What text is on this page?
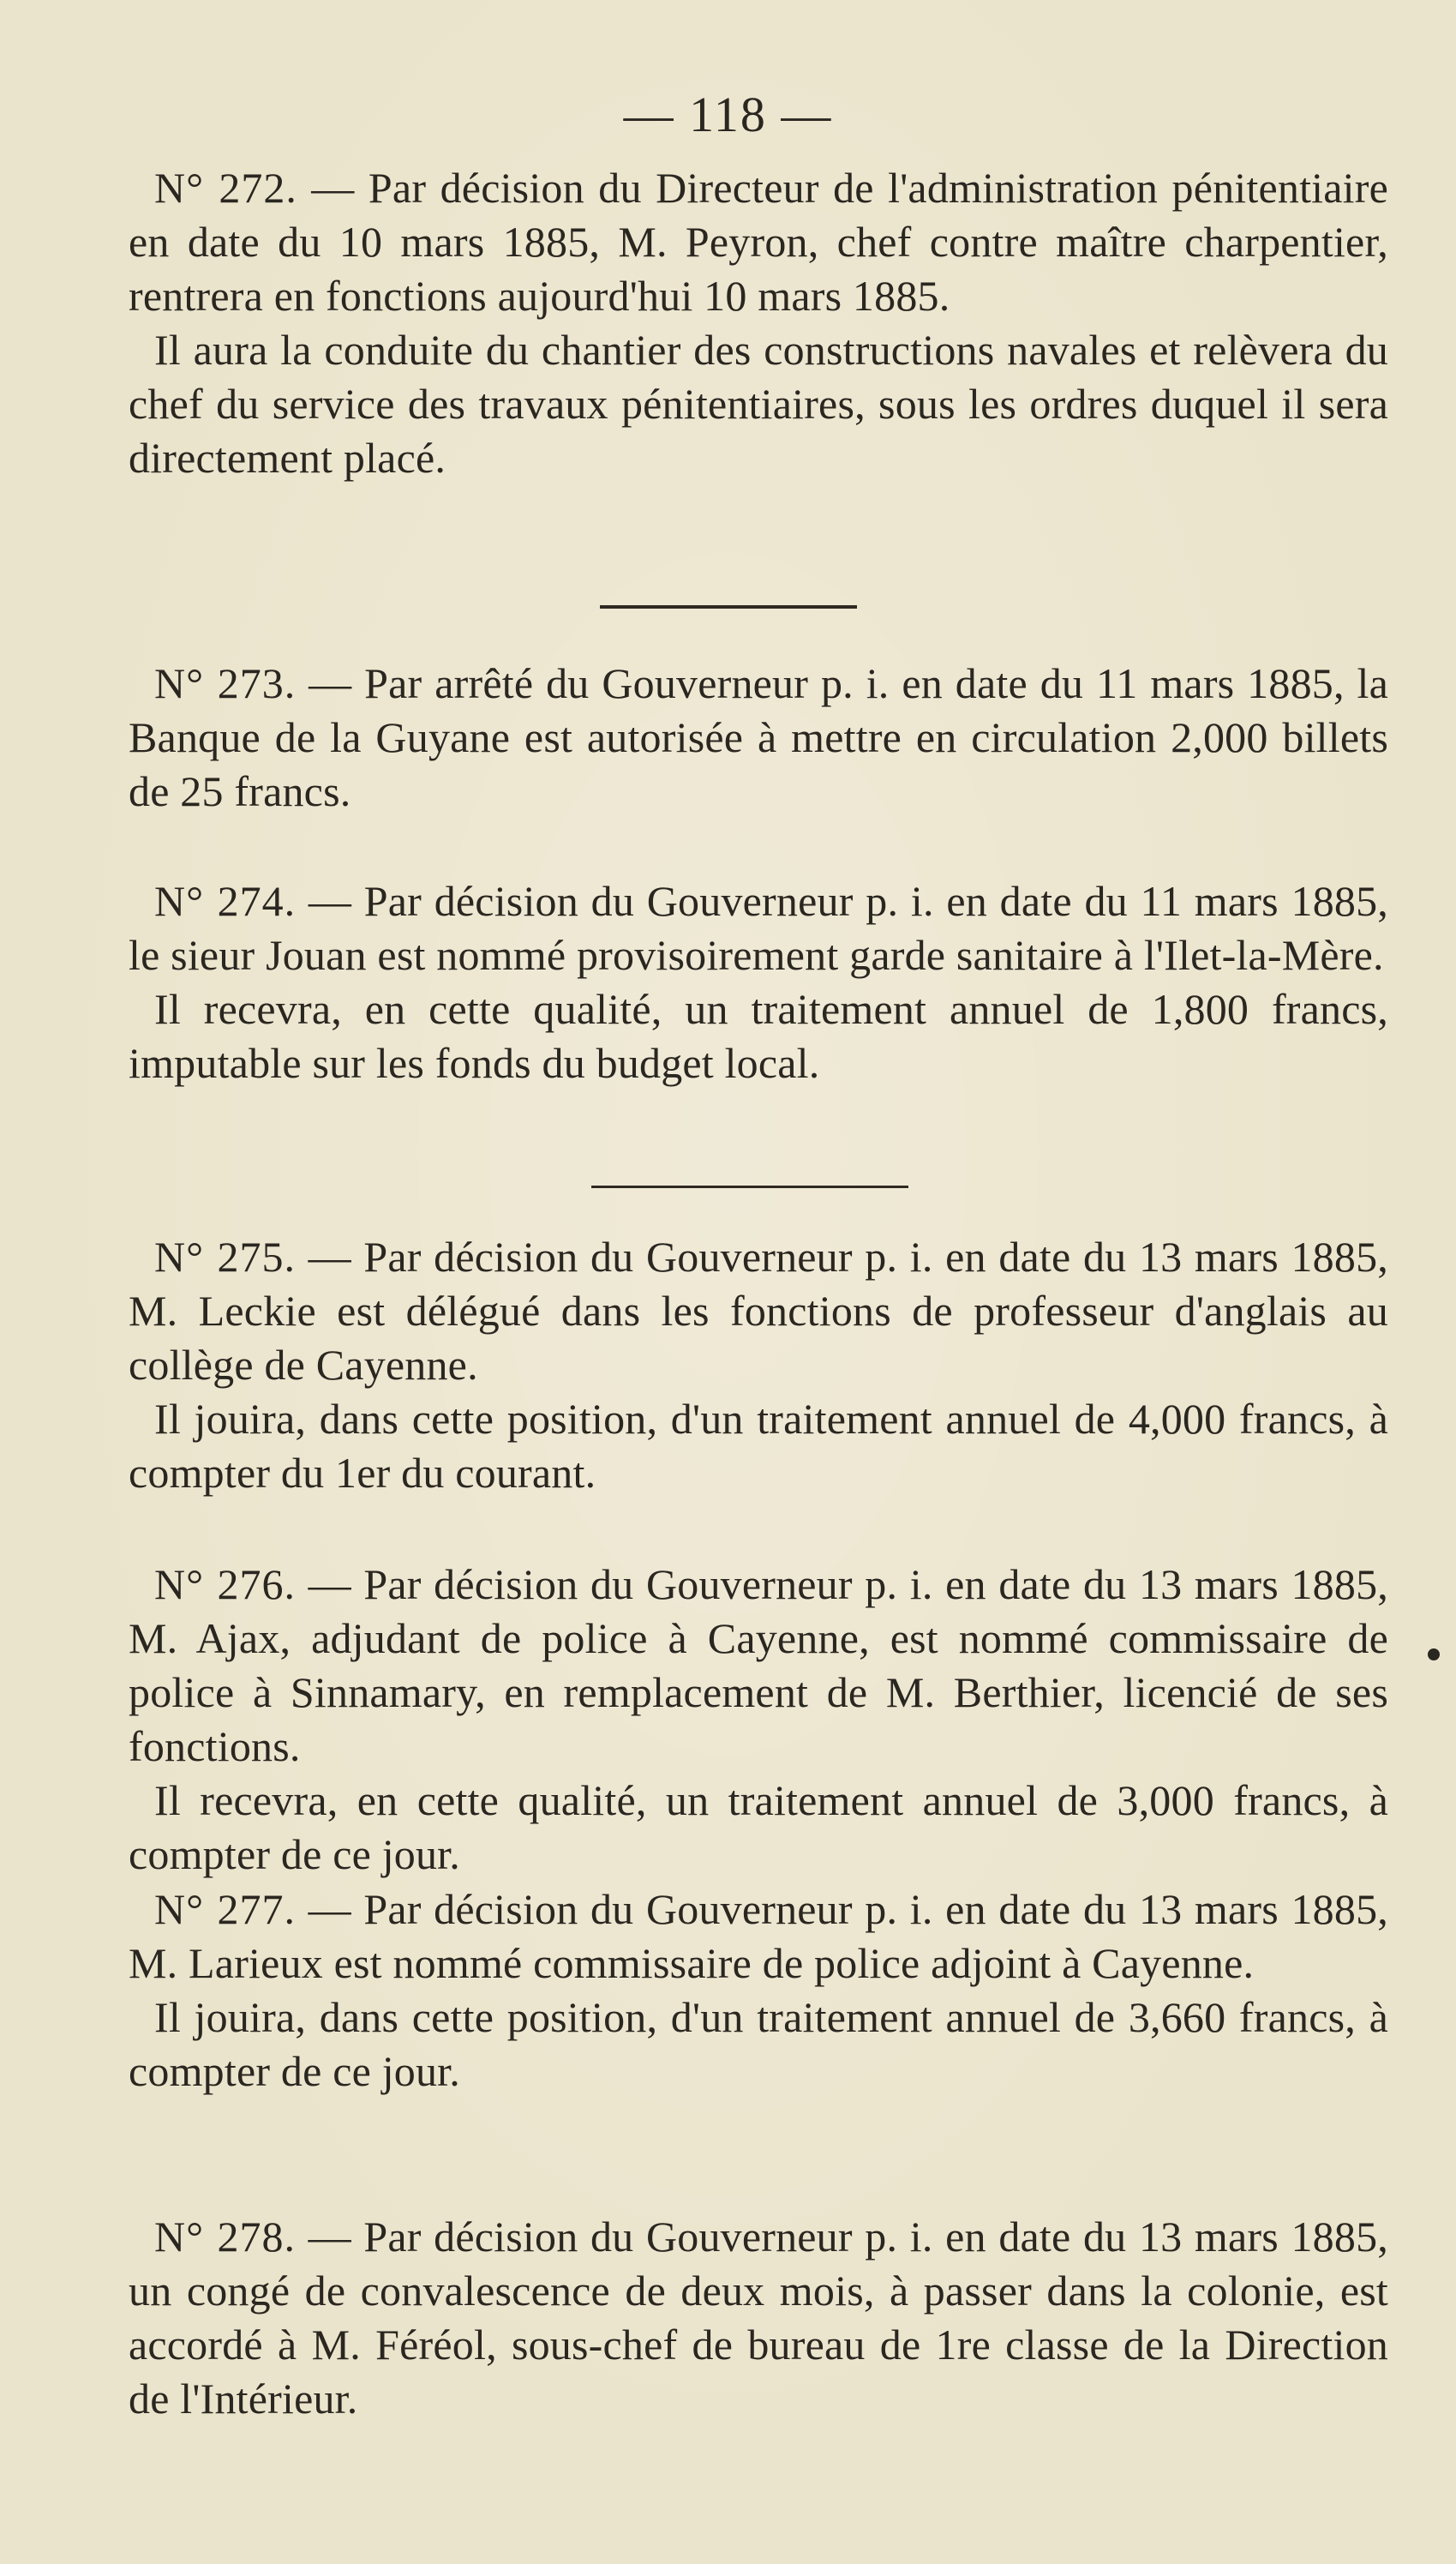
— 118 —

N° 272. — Par décision du Directeur de l'administration pénitentiaire en date du 10 mars 1885, M. Peyron, chef contre maître charpentier, rentrera en fonctions aujourd'hui 10 mars 1885.

Il aura la conduite du chantier des constructions navales et relèvera du chef du service des travaux pénitentiaires, sous les ordres duquel il sera directement placé.

N° 273. — Par arrêté du Gouverneur p. i. en date du 11 mars 1885, la Banque de la Guyane est autorisée à mettre en circulation 2,000 billets de 25 francs.

N° 274. — Par décision du Gouverneur p. i. en date du 11 mars 1885, le sieur Jouan est nommé provisoirement garde sanitaire à l'Ilet-la-Mère.

Il recevra, en cette qualité, un traitement annuel de 1,800 francs, imputable sur les fonds du budget local.

N° 275. — Par décision du Gouverneur p. i. en date du 13 mars 1885, M. Leckie est délégué dans les fonctions de professeur d'anglais au collège de Cayenne.

Il jouira, dans cette position, d'un traitement annuel de 4,000 francs, à compter du 1er du courant.

N° 276. — Par décision du Gouverneur p. i. en date du 13 mars 1885, M. Ajax, adjudant de police à Cayenne, est nommé commissaire de police à Sinnamary, en remplacement de M. Berthier, licencié de ses fonctions.

Il recevra, en cette qualité, un traitement annuel de 3,000 francs, à compter de ce jour.

N° 277. — Par décision du Gouverneur p. i. en date du 13 mars 1885, M. Larieux est nommé commissaire de police adjoint à Cayenne.

Il jouira, dans cette position, d'un traitement annuel de 3,660 francs, à compter de ce jour.

N° 278. — Par décision du Gouverneur p. i. en date du 13 mars 1885, un congé de convalescence de deux mois, à passer dans la colonie, est accordé à M. Féréol, sous-chef de bureau de 1re classe de la Direction de l'Intérieur.
